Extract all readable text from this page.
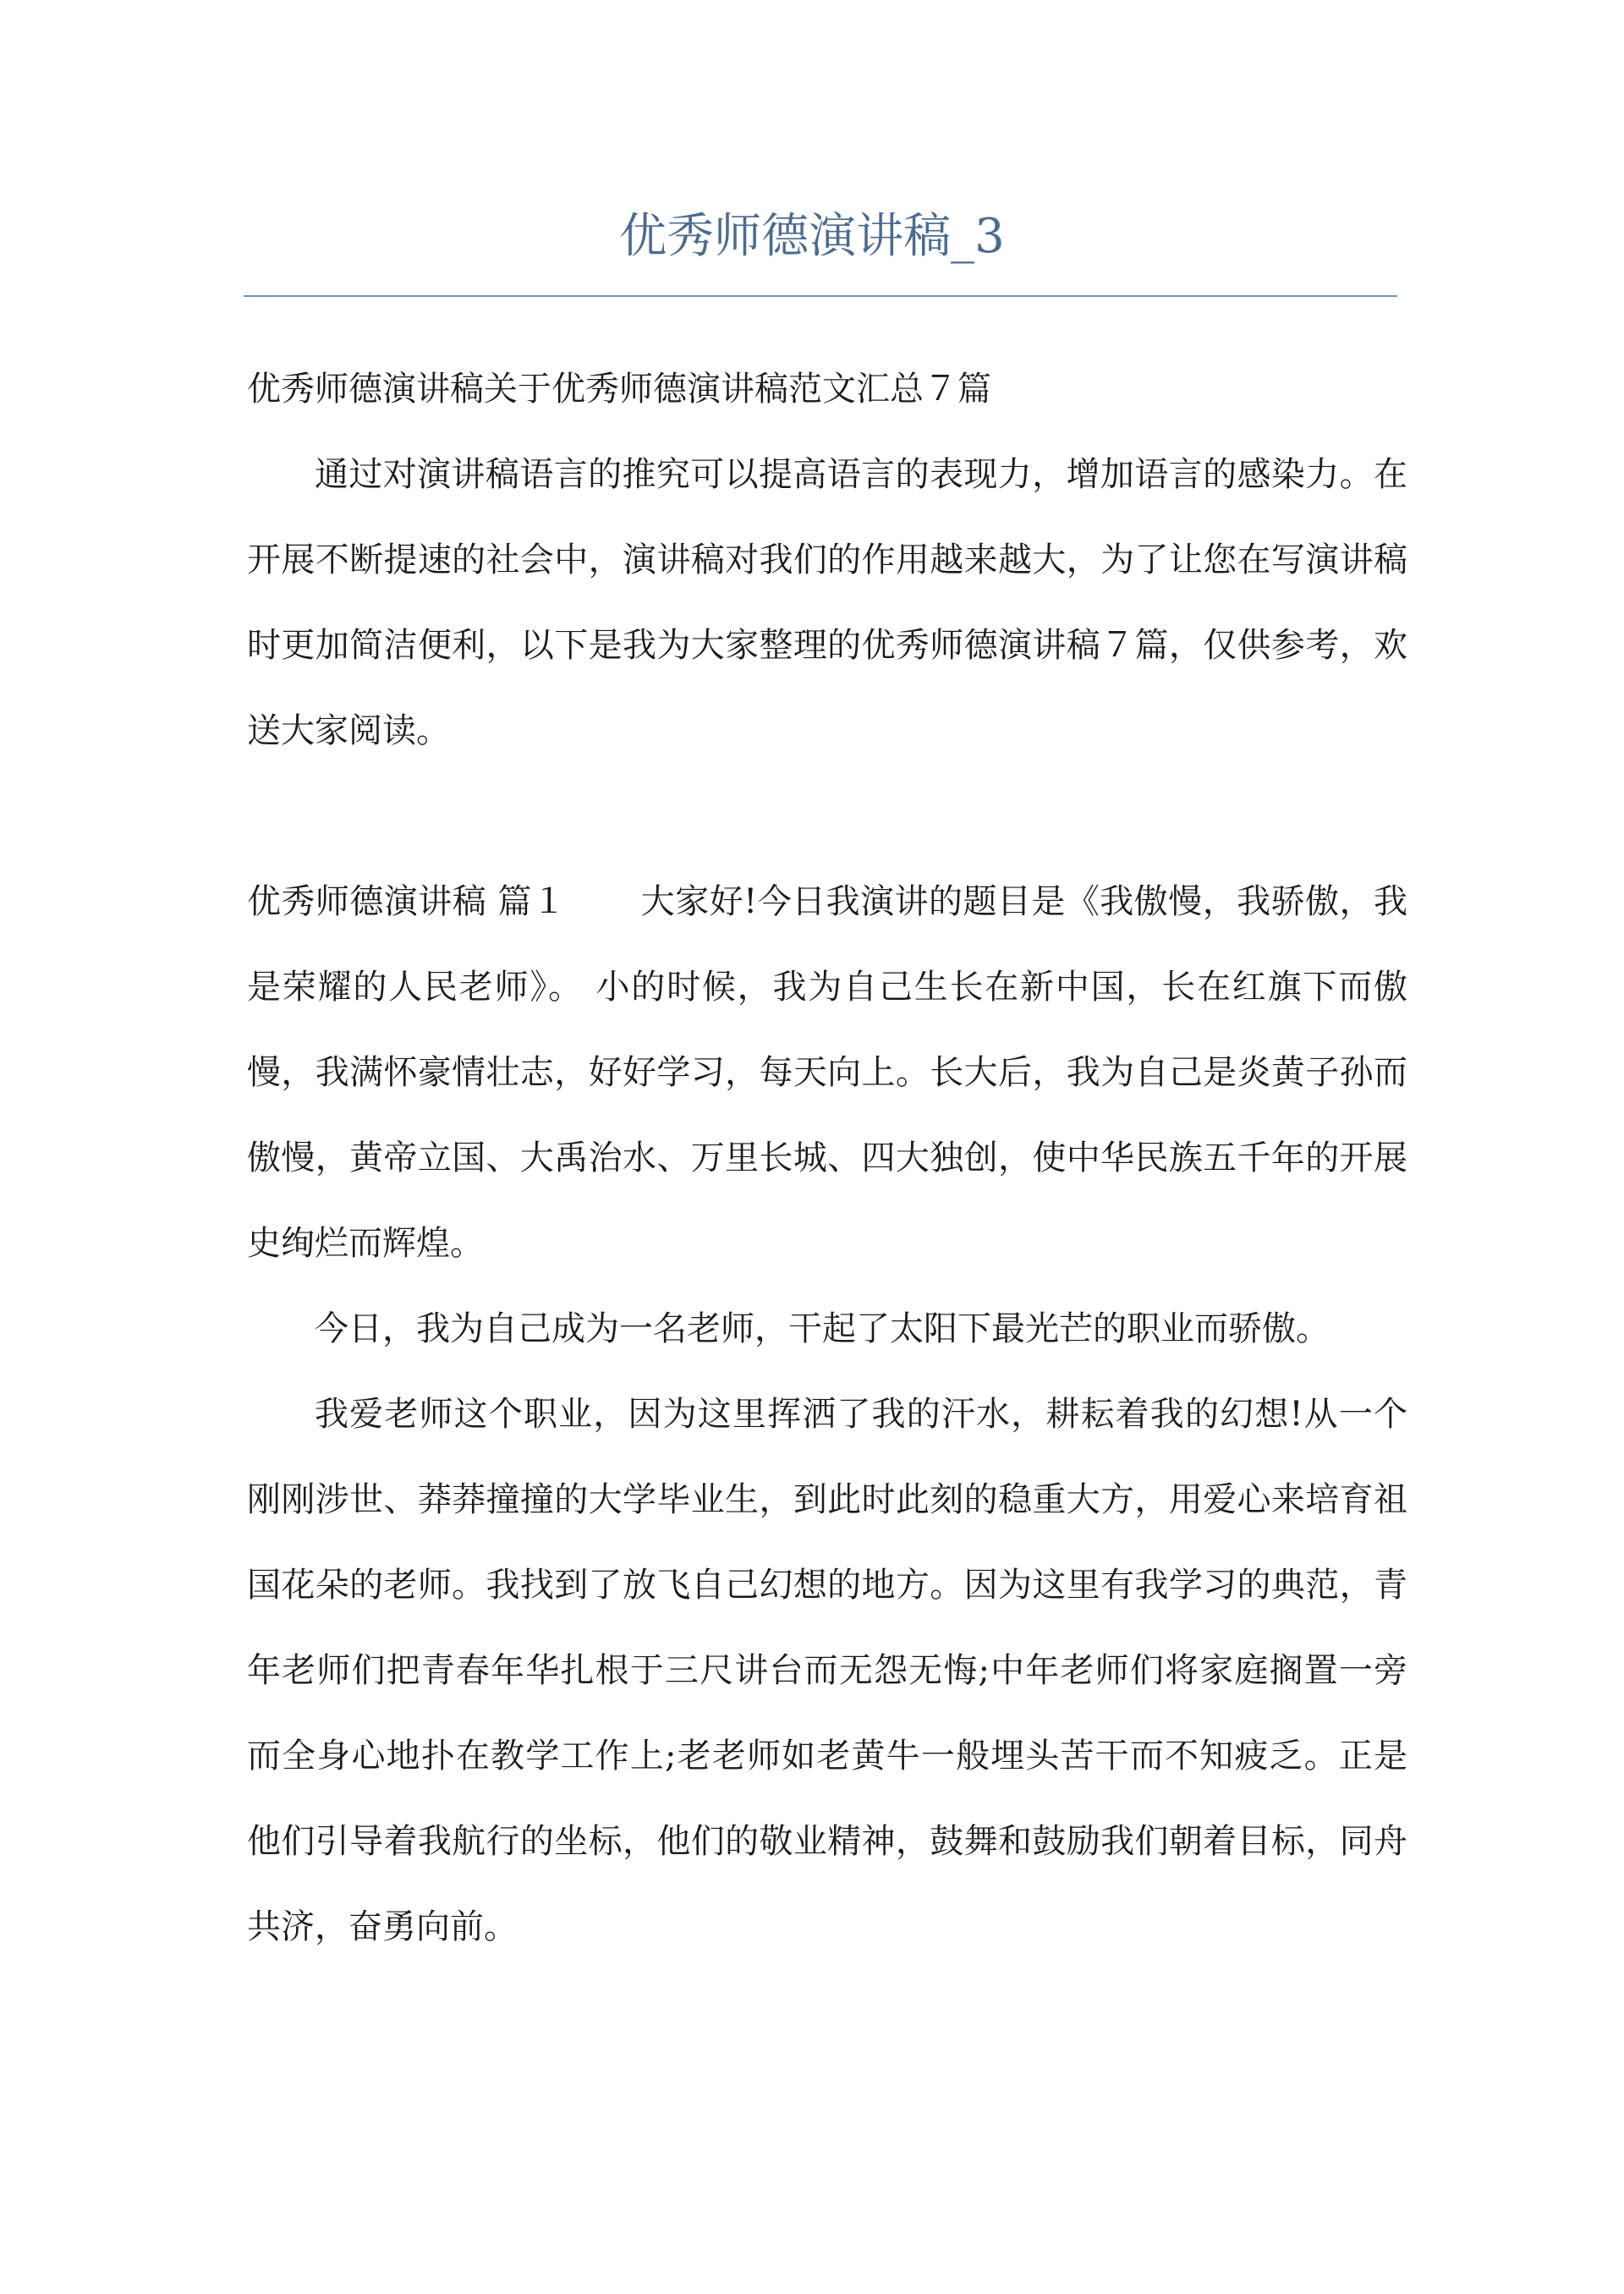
优秀师德演讲稿_3

优秀师德演讲稿关于优秀师德演讲稿范文汇总７篇

通过对演讲稿语言的推究可以提高语言的表现力，增加语言的感染力。在开展不断提速的社会中，演讲稿对我们的作用越来越大，为了让您在写演讲稿时更加简洁便利，以下是我为大家整理的优秀师德演讲稿７篇，仅供参考，欢送大家阅读。

优秀师德演讲稿 篇１ 大家好!今日我演讲的题目是《我傲慢，我骄傲，我是荣耀的人民老师》。 小的时候，我为自己生长在新中国，长在红旗下而傲慢，我满怀豪情壮志，好好学习，每天向上。长大后，我为自己是炎黄子孙而傲慢，黄帝立国、大禹治水、万里长城、四大独创，使中华民族五千年的开展史绚烂而辉煌。

今日，我为自己成为一名老师，干起了太阳下最光芒的职业而骄傲。

我爱老师这个职业，因为这里挥洒了我的汗水，耕耘着我的幻想!从一个刚刚涉世、莽莽撞撞的大学毕业生，到此时此刻的稳重大方，用爱心来培育祖国花朵的老师。我找到了放飞自己幻想的地方。因为这里有我学习的典范，青年老师们把青春年华扎根于三尺讲台而无怨无悔;中年老师们将家庭搁置一旁而全身心地扑在教学工作上;老老师如老黄牛一般埋头苦干而不知疲乏。正是他们引导着我航行的坐标，他们的敬业精神，鼓舞和鼓励我们朝着目标，同舟共济，奋勇向前。
